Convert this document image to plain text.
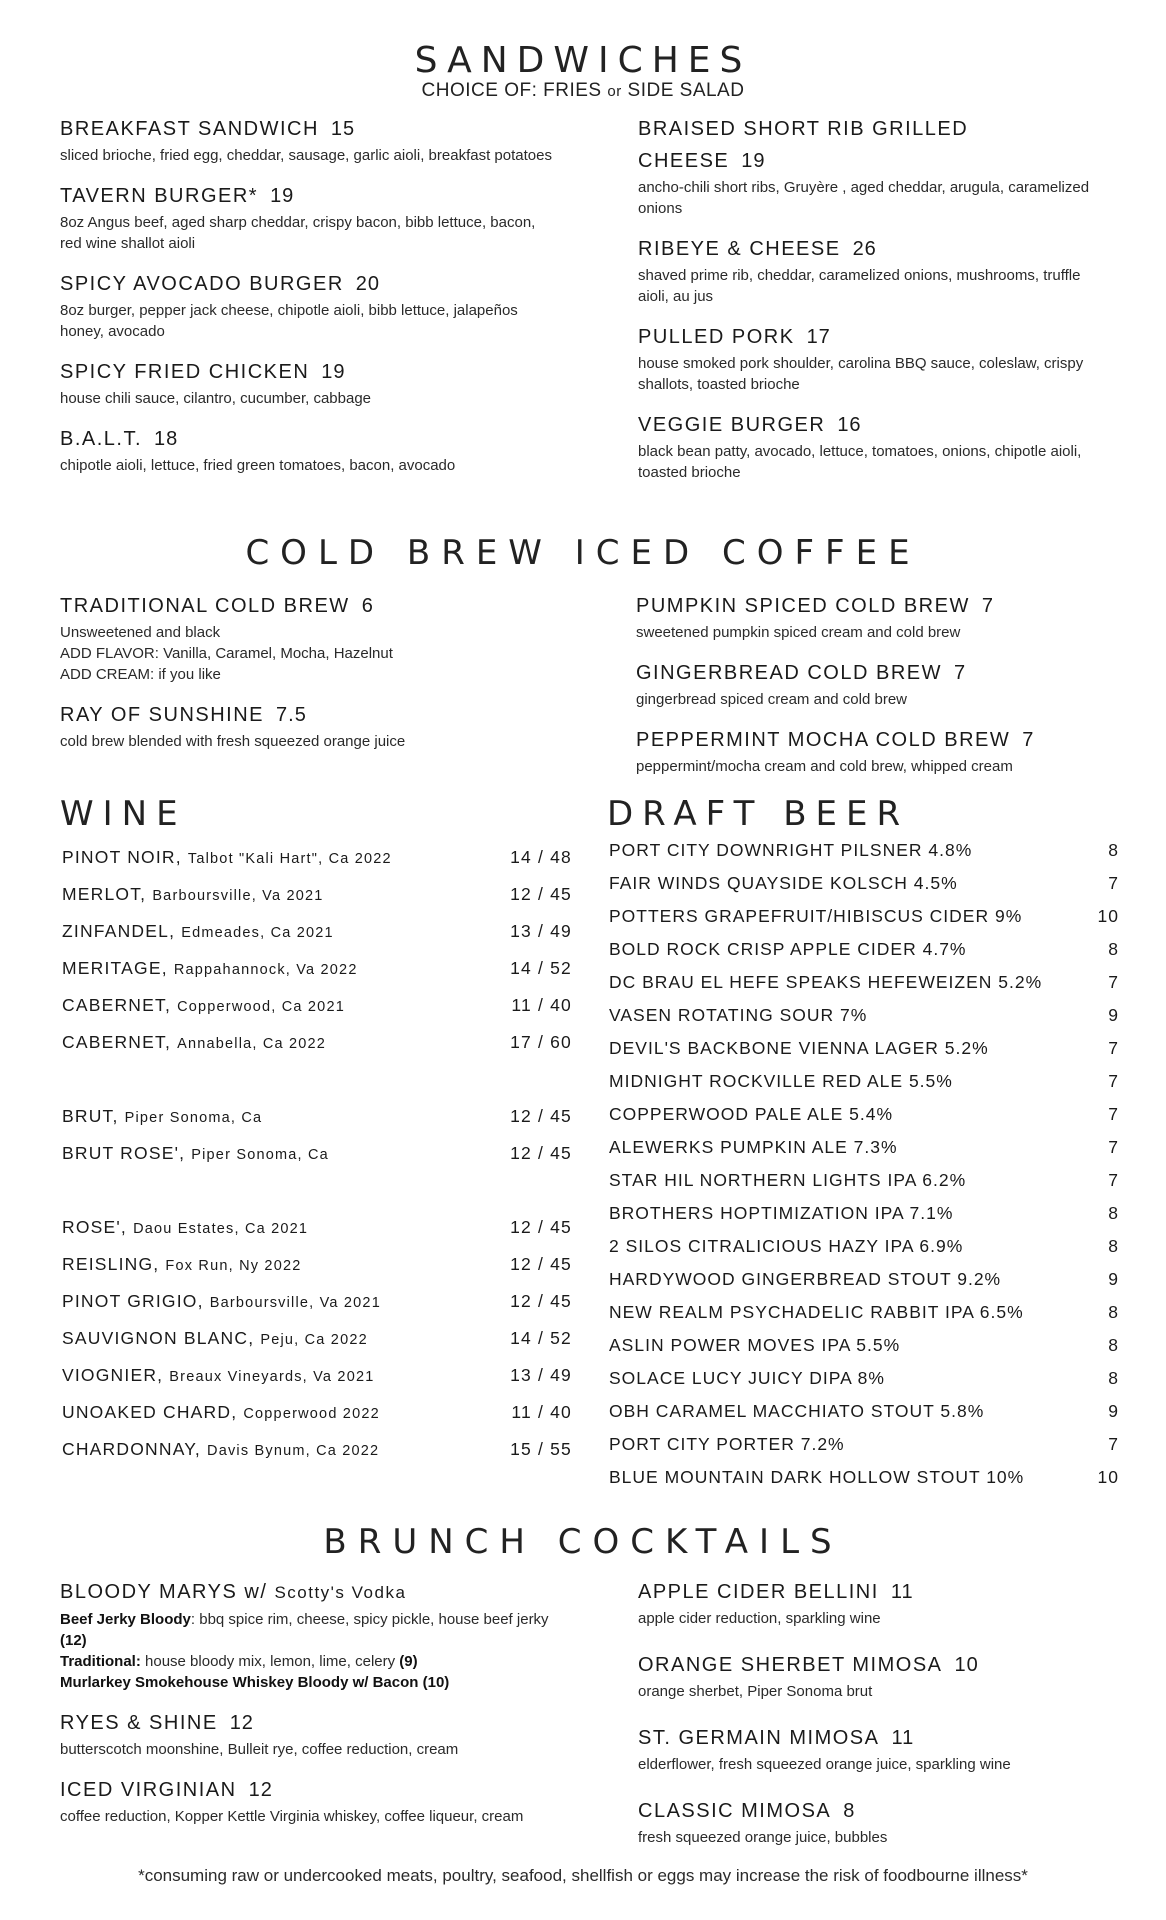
SANDWICHES
CHOICE OF: FRIES or SIDE SALAD
BREAKFAST SANDWICH 15
sliced brioche, fried egg, cheddar, sausage, garlic aioli, breakfast potatoes
TAVERN BURGER* 19
8oz Angus beef, aged sharp cheddar, crispy bacon, bibb lettuce, bacon, red wine shallot aioli
SPICY AVOCADO BURGER 20
8oz burger, pepper jack cheese, chipotle aioli, bibb lettuce, jalapeños honey, avocado
SPICY FRIED CHICKEN 19
house chili sauce, cilantro, cucumber, cabbage
B.A.L.T. 18
chipotle aioli, lettuce, fried green tomatoes, bacon, avocado
BRAISED SHORT RIB GRILLED CHEESE 19
ancho-chili short ribs, Gruyère , aged cheddar, arugula, caramelized onions
RIBEYE & CHEESE 26
shaved prime rib, cheddar, caramelized onions, mushrooms, truffle aioli, au jus
PULLED PORK 17
house smoked pork shoulder, carolina BBQ sauce, coleslaw, crispy shallots, toasted brioche
VEGGIE BURGER 16
black bean patty, avocado, lettuce, tomatoes, onions, chipotle aioli, toasted brioche
COLD BREW ICED COFFEE
TRADITIONAL COLD BREW 6
Unsweetened and black
ADD FLAVOR: Vanilla, Caramel, Mocha, Hazelnut
ADD CREAM: if you like
RAY OF SUNSHINE 7.5
cold brew blended with fresh squeezed orange juice
PUMPKIN SPICED COLD BREW 7
sweetened pumpkin spiced cream and cold brew
GINGERBREAD COLD BREW 7
gingerbread spiced cream and cold brew
PEPPERMINT MOCHA COLD BREW 7
peppermint/mocha cream and cold brew, whipped cream
WINE
PINOT NOIR, Talbot "Kali Hart", Ca 2022	14 / 48
MERLOT, Barboursville, Va 2021	12 / 45
ZINFANDEL, Edmeades, Ca 2021	13 / 49
MERITAGE, Rappahannock, Va 2022	14 / 52
CABERNET, Copperwood, Ca 2021	11 / 40
CABERNET, Annabella, Ca 2022	17 / 60
BRUT, Piper Sonoma, Ca	12 / 45
BRUT ROSE', Piper Sonoma, Ca	12 / 45
ROSE', Daou Estates, Ca 2021	12 / 45
REISLING, Fox Run, Ny 2022	12 / 45
PINOT GRIGIO, Barboursville, Va 2021	12 / 45
SAUVIGNON BLANC, Peju, Ca 2022	14 / 52
VIOGNIER, Breaux Vineyards, Va 2021	13 / 49
UNOAKED CHARD, Copperwood 2022	11 / 40
CHARDONNAY, Davis Bynum, Ca 2022	15 / 55
DRAFT BEER
PORT CITY DOWNRIGHT PILSNER 4.8%	8
FAIR WINDS QUAYSIDE KOLSCH 4.5%	7
POTTERS GRAPEFRUIT/HIBISCUS CIDER 9%	10
BOLD ROCK CRISP APPLE CIDER 4.7%	8
DC BRAU EL HEFE SPEAKS HEFEWEIZEN 5.2%	7
VASEN ROTATING SOUR 7%	9
DEVIL'S BACKBONE VIENNA LAGER 5.2%	7
MIDNIGHT ROCKVILLE RED ALE 5.5%	7
COPPERWOOD PALE ALE 5.4%	7
ALEWERKS PUMPKIN ALE 7.3%	7
STAR HIL NORTHERN LIGHTS IPA 6.2%	7
BROTHERS HOPTIMIZATION IPA 7.1%	8
2 SILOS CITRALICIOUS HAZY IPA 6.9%	8
HARDYWOOD GINGERBREAD STOUT 9.2%	9
NEW REALM PSYCHADELIC RABBIT IPA 6.5%	8
ASLIN POWER MOVES IPA 5.5%	8
SOLACE LUCY JUICY DIPA 8%	8
OBH CARAMEL MACCHIATO STOUT 5.8%	9
PORT CITY PORTER 7.2%	7
BLUE MOUNTAIN DARK HOLLOW STOUT 10%	10
BRUNCH COCKTAILS
BLOODY MARYS w/ Scotty's Vodka
Beef Jerky Bloody: bbq spice rim, cheese, spicy pickle, house beef jerky (12)
Traditional: house bloody mix, lemon, lime, celery (9)
Murlarkey Smokehouse Whiskey Bloody w/ Bacon (10)
RYES & SHINE 12
butterscotch moonshine, Bulleit rye, coffee reduction, cream
ICED VIRGINIAN 12
coffee reduction, Kopper Kettle Virginia whiskey, coffee liqueur, cream
APPLE CIDER BELLINI 11
apple cider reduction, sparkling wine
ORANGE SHERBET MIMOSA 10
orange sherbet, Piper Sonoma brut
ST. GERMAIN MIMOSA 11
elderflower, fresh squeezed orange juice, sparkling wine
CLASSIC MIMOSA 8
fresh squeezed orange juice, bubbles
*consuming raw or undercooked meats, poultry, seafood, shellfish or eggs may increase the risk of foodbourne illness*
